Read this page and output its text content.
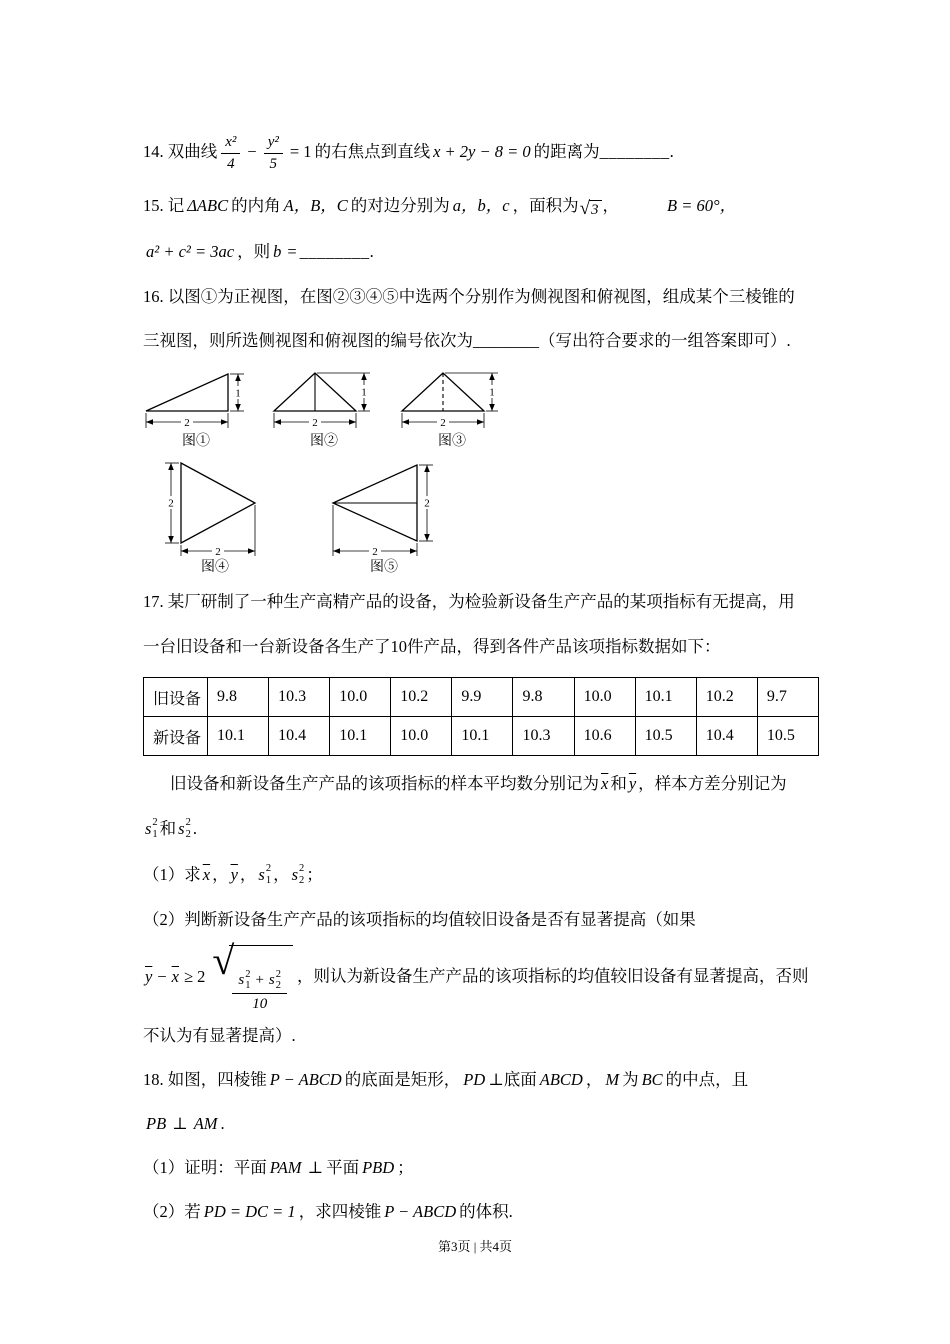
14. 双曲线 $\frac{\text{x²}}{4} - \frac{\text{y²}}{5} = 1$ 的右焦点到直线 x + 2y − 8 = 0 的距离为________.
15. 记 ΔABC 的内角 A，B，C 的对边分别为 a，b，c ，面积为 √ 3 ，	B = 60°，
a² + c² = 3ac ，则 b = ________.
16. 以图①为正视图，在图②③④⑤中选两个分别作为侧视图和俯视图，组成某个三棱锥的
三视图，则所选侧视图和俯视图的编号依次为________（写出符合要求的一组答案即可）.
1
2
图①
1
2
图②
1
2
图③
2
2
图④
2
2
图⑤
17. 某厂研制了一种生产高精产品的设备，为检验新设备生产产品的某项指标有无提高，用
一台旧设备和一台新设备各生产了10件产品，得到各件产品该项指标数据如下：
旧设备	9.8	10.3	10.0	10.2	9.9	9.8	10.0	10.1	10.2	9.7
新设备	10.1	10.4	10.1	10.0	10.1	10.3	10.6	10.5	10.4	10.5
旧设备和新设备生产产品的该项指标的样本平均数分别记为 $\overline{x}$ 和 $\overline{y}$ ，样本方差分别记为
s 2
1 和 s 2
2 .
（1）求 $\overline{x}$ ， $\overline{y}$ ， s 2
1 ， s 2
2 ；
（2）判断新设备生产产品的该项指标的均值较旧设备是否有显著提高（如果
$\overline{y} - \overline{x} \ge 2$ √
s 2
1 + s 2
2
10 ，则认为新设备生产产品的该项指标的均值较旧设备有显著提高，否则
不认为有显著提高）.
18. 如图，四棱锥 P − ABCD 的底面是矩形， PD ⊥底面 ABCD ， M 为 BC 的中点，且
PB ⊥ AM .
（1）证明：平面 PAM ⊥ 平面 PBD ；
（2）若 PD = DC = 1 ，求四棱锥 P − ABCD 的体积.
第3页 | 共4页
